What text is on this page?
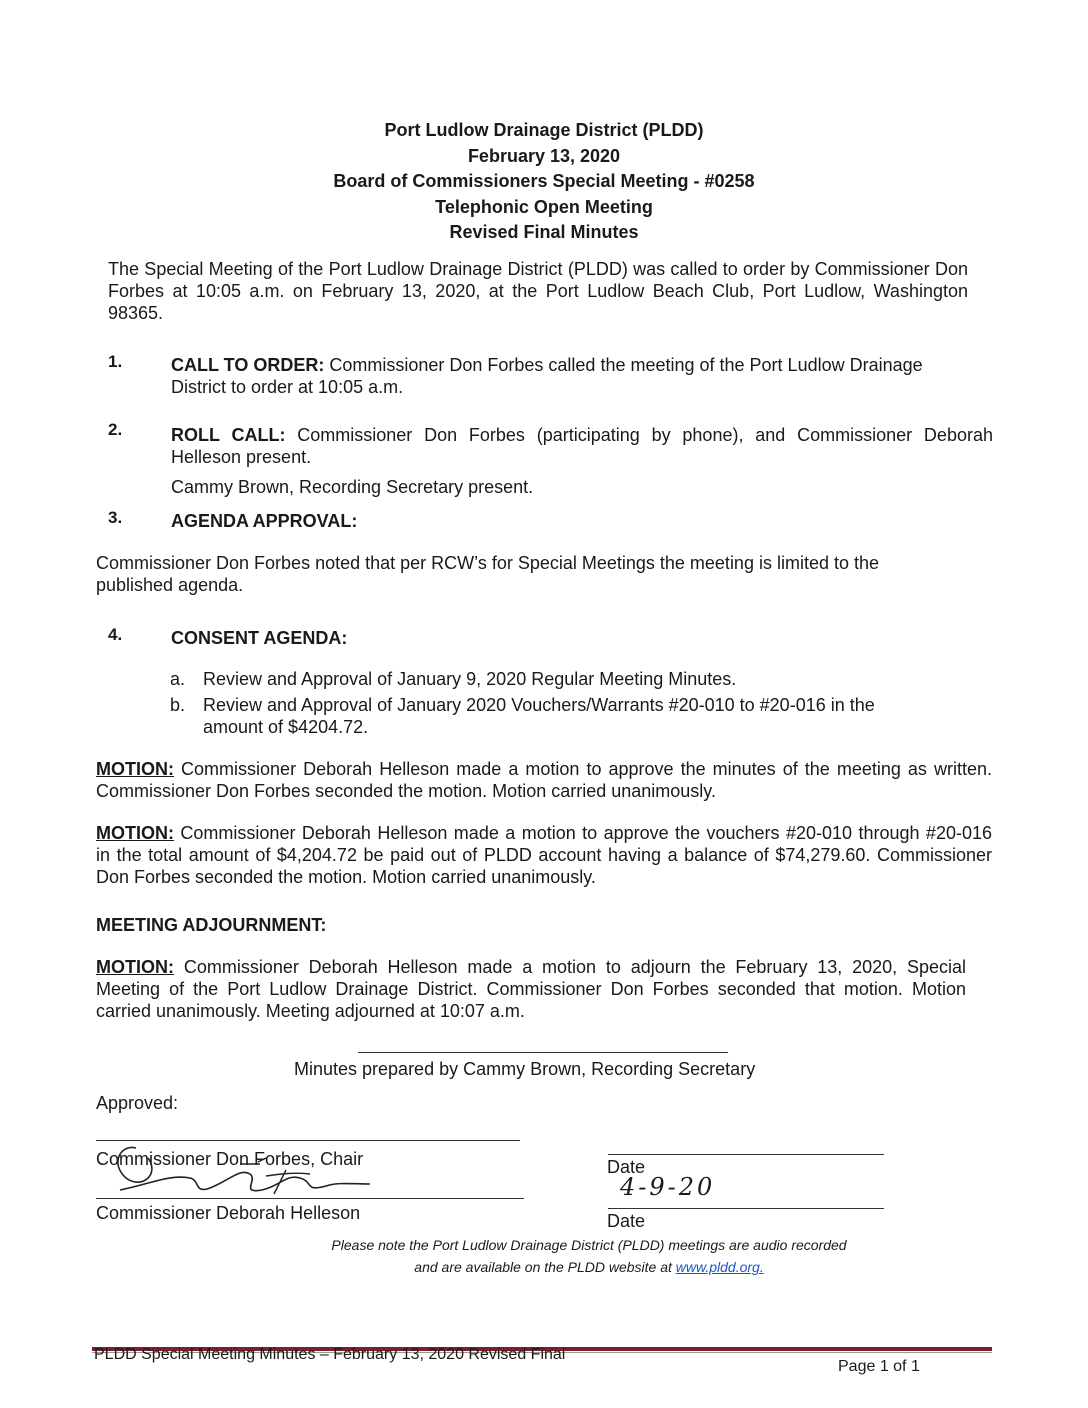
Port Ludlow Drainage District (PLDD)
February 13, 2020
Board of Commissioners Special Meeting - #0258
Telephonic Open Meeting
Revised Final Minutes
The Special Meeting of the Port Ludlow Drainage District (PLDD) was called to order by Commissioner Don Forbes at 10:05 a.m. on February 13, 2020, at the Port Ludlow Beach Club, Port Ludlow, Washington 98365.
1.	CALL TO ORDER: Commissioner Don Forbes called the meeting of the Port Ludlow Drainage District to order at 10:05 a.m.
2.	ROLL CALL: Commissioner Don Forbes (participating by phone), and Commissioner Deborah Helleson present.
Cammy Brown, Recording Secretary present.
3.	AGENDA APPROVAL:
Commissioner Don Forbes noted that per RCW’s for Special Meetings the meeting is limited to the published agenda.
4.	CONSENT AGENDA:
a. Review and Approval of January 9, 2020 Regular Meeting Minutes.
b. Review and Approval of January 2020 Vouchers/Warrants #20-010 to #20-016 in the amount of $4204.72.
MOTION: Commissioner Deborah Helleson made a motion to approve the minutes of the meeting as written. Commissioner Don Forbes seconded the motion. Motion carried unanimously.
MOTION: Commissioner Deborah Helleson made a motion to approve the vouchers #20-010 through #20-016 in the total amount of $4,204.72 be paid out of PLDD account having a balance of $74,279.60. Commissioner Don Forbes seconded the motion. Motion carried unanimously.
MEETING ADJOURNMENT:
MOTION: Commissioner Deborah Helleson made a motion to adjourn the February 13, 2020, Special Meeting of the Port Ludlow Drainage District. Commissioner Don Forbes seconded that motion. Motion carried unanimously. Meeting adjourned at 10:07 a.m.
Minutes prepared by Cammy Brown, Recording Secretary
Approved:
Commissioner Don Forbes, Chair	Date
Commissioner Deborah Helleson
4-9-20
Date
Please note the Port Ludlow Drainage District (PLDD) meetings are audio recorded
and are available on the PLDD website at www.pldd.org.
PLDD Special Meeting Minutes – February 13, 2020 Revised Final
Page 1 of 1
